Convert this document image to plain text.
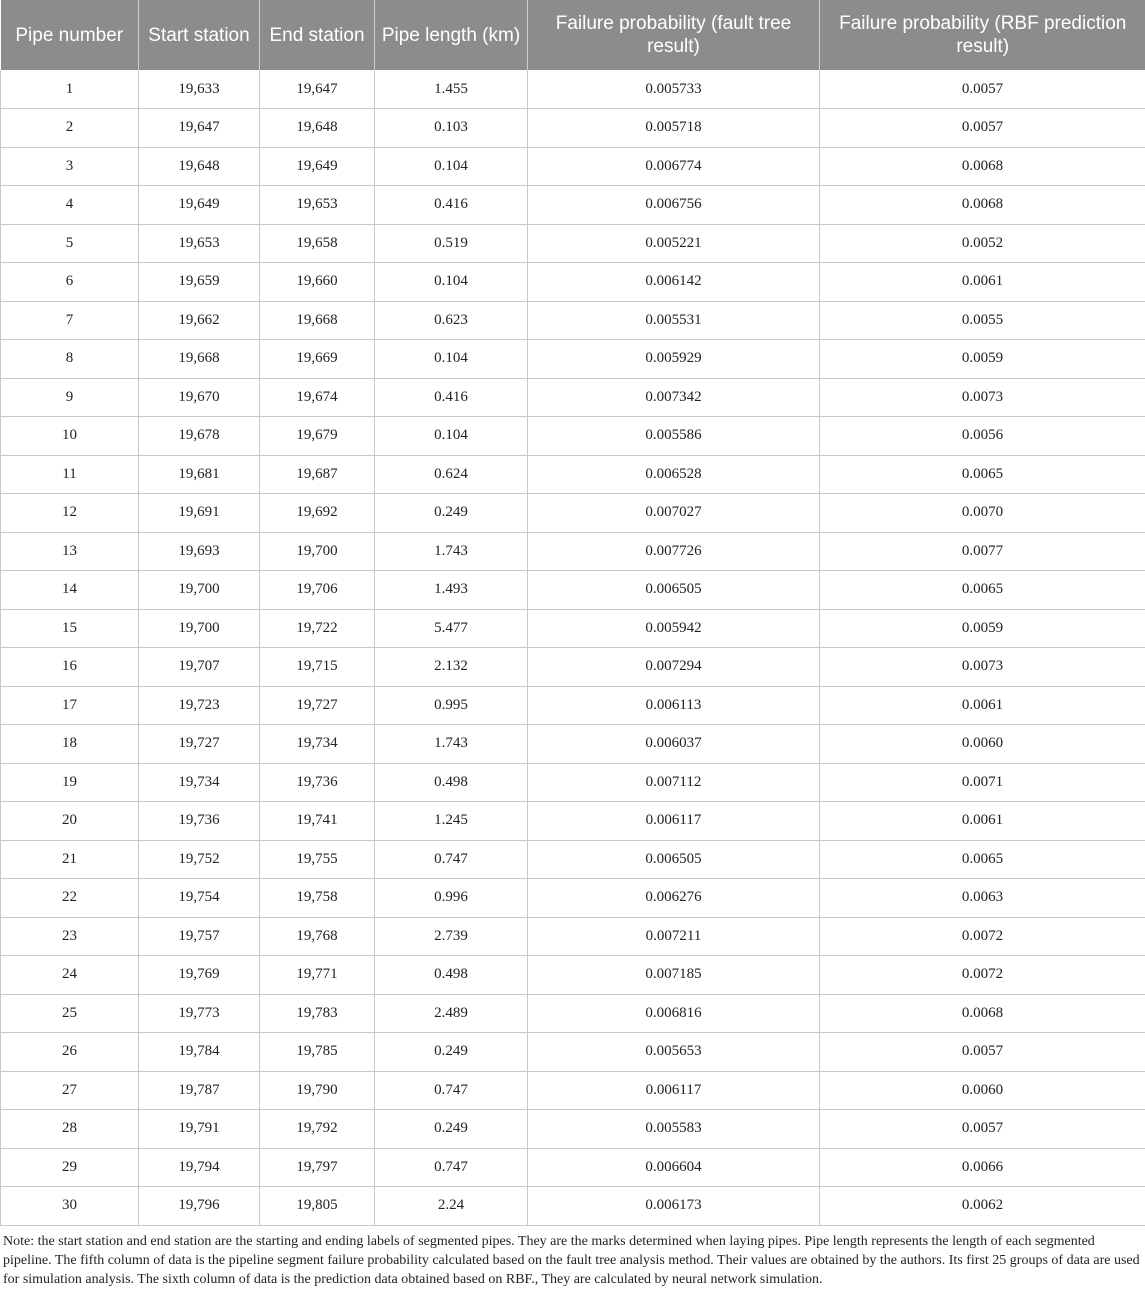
Pipe number	Start station	End station	Pipe length (km)	Failure probability (fault tree result)	Failure probability (RBF prediction result)
1	19,633	19,647	1.455	0.005733	0.0057
2	19,647	19,648	0.103	0.005718	0.0057
3	19,648	19,649	0.104	0.006774	0.0068
4	19,649	19,653	0.416	0.006756	0.0068
5	19,653	19,658	0.519	0.005221	0.0052
6	19,659	19,660	0.104	0.006142	0.0061
7	19,662	19,668	0.623	0.005531	0.0055
8	19,668	19,669	0.104	0.005929	0.0059
9	19,670	19,674	0.416	0.007342	0.0073
10	19,678	19,679	0.104	0.005586	0.0056
11	19,681	19,687	0.624	0.006528	0.0065
12	19,691	19,692	0.249	0.007027	0.0070
13	19,693	19,700	1.743	0.007726	0.0077
14	19,700	19,706	1.493	0.006505	0.0065
15	19,700	19,722	5.477	0.005942	0.0059
16	19,707	19,715	2.132	0.007294	0.0073
17	19,723	19,727	0.995	0.006113	0.0061
18	19,727	19,734	1.743	0.006037	0.0060
19	19,734	19,736	0.498	0.007112	0.0071
20	19,736	19,741	1.245	0.006117	0.0061
21	19,752	19,755	0.747	0.006505	0.0065
22	19,754	19,758	0.996	0.006276	0.0063
23	19,757	19,768	2.739	0.007211	0.0072
24	19,769	19,771	0.498	0.007185	0.0072
25	19,773	19,783	2.489	0.006816	0.0068
26	19,784	19,785	0.249	0.005653	0.0057
27	19,787	19,790	0.747	0.006117	0.0060
28	19,791	19,792	0.249	0.005583	0.0057
29	19,794	19,797	0.747	0.006604	0.0066
30	19,796	19,805	2.24	0.006173	0.0062

Note: the start station and end station are the starting and ending labels of segmented pipes. They are the marks determined when laying pipes. Pipe length represents the length of each segmented pipeline. The fifth column of data is the pipeline segment failure probability calculated based on the fault tree analysis method. Their values are obtained by the authors. Its first 25 groups of data are used for simulation analysis. The sixth column of data is the prediction data obtained based on RBF., They are calculated by neural network simulation.
